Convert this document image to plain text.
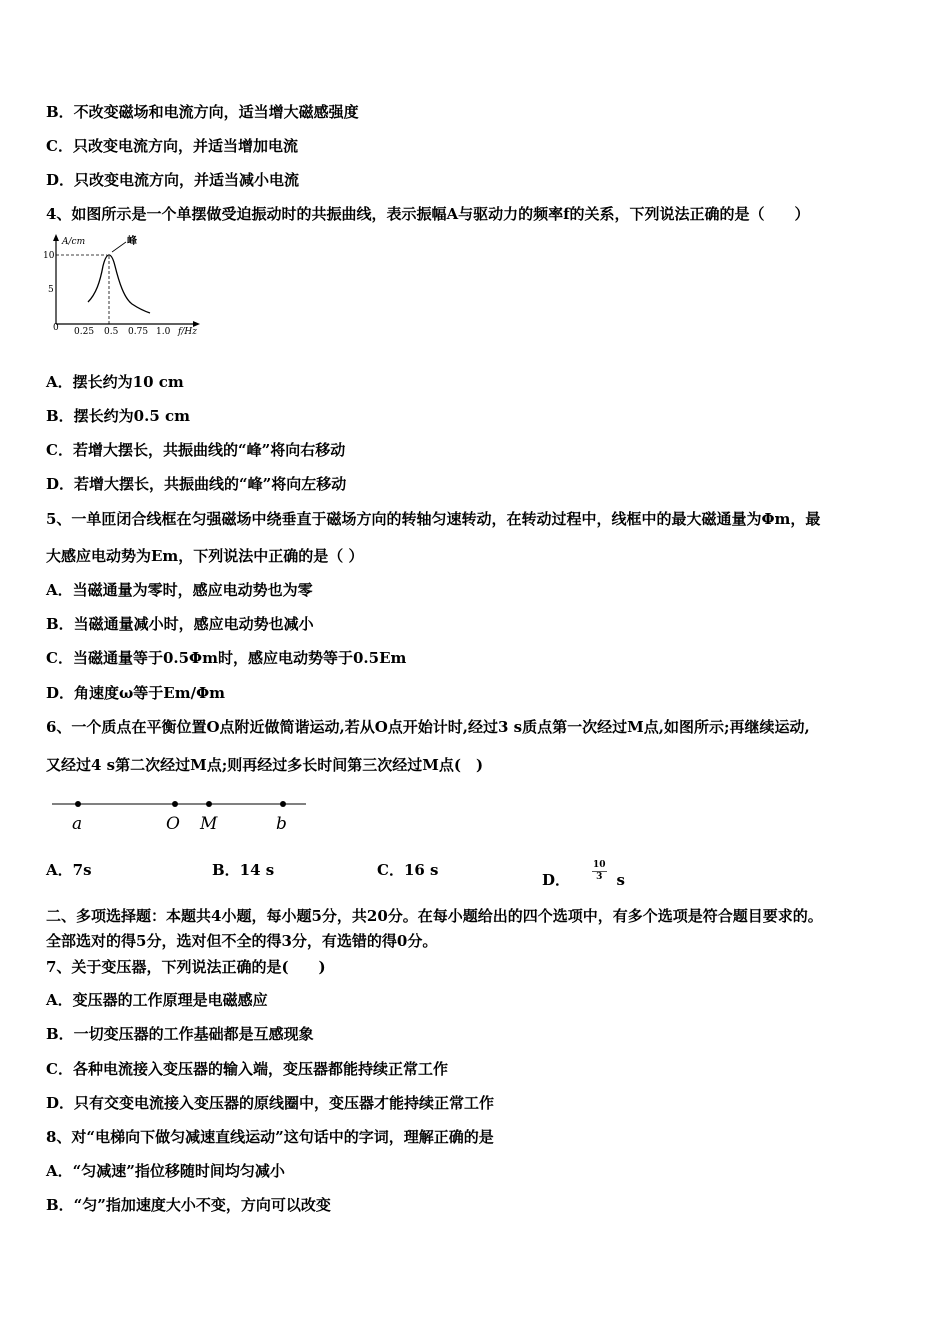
B．不改变磁场和电流方向，适当增大磁感强度
C．只改变电流方向，并适当增加电流
D．只改变电流方向，并适当减小电流
4、如图所示是一个单摆做受迫振动时的共振曲线，表示振幅A与驱动力的频率f的关系，下列说法正确的是（　　）
A/cm
f/Hz
峰
0
10
5
0.25 0.5 0.75 1.0
A．摆长约为10 cm
B．摆长约为0.5 cm
C．若增大摆长，共振曲线的“峰”将向右移动
D．若增大摆长，共振曲线的“峰”将向左移动
5、一单匝闭合线框在匀强磁场中绕垂直于磁场方向的转轴匀速转动，在转动过程中，线框中的最大磁通量为Φm，最
大感应电动势为Em，下列说法中正确的是（ ）
A．当磁通量为零时，感应电动势也为零
B．当磁通量减小时，感应电动势也减小
C．当磁通量等于0.5Φm时，感应电动势等于0.5Em
D．角速度ω等于Em/Φm
6、一个质点在平衡位置O点附近做简谐运动,若从O点开始计时,经过3 s质点第一次经过M点,如图所示;再继续运动,
又经过4 s第二次经过M点;则再经过多长时间第三次经过M点(　)
a	O M	b
A．7s	B．14 s	C．16 s
D． $\frac{10}{3}$ s
二、多项选择题：本题共4小题，每小题5分，共20分。在每小题给出的四个选项中，有多个选项是符合题目要求的。
全部选对的得5分，选对但不全的得3分，有选错的得0分。
7、关于变压器，下列说法正确的是(　　)
A．变压器的工作原理是电磁感应
B．一切变压器的工作基础都是互感现象
C．各种电流接入变压器的输入端，变压器都能持续正常工作
D．只有交变电流接入变压器的原线圈中，变压器才能持续正常工作
8、对“电梯向下做匀减速直线运动”这句话中的字词，理解正确的是
A．“匀减速”指位移随时间均匀减小
B．“匀”指加速度大小不变，方向可以改变
